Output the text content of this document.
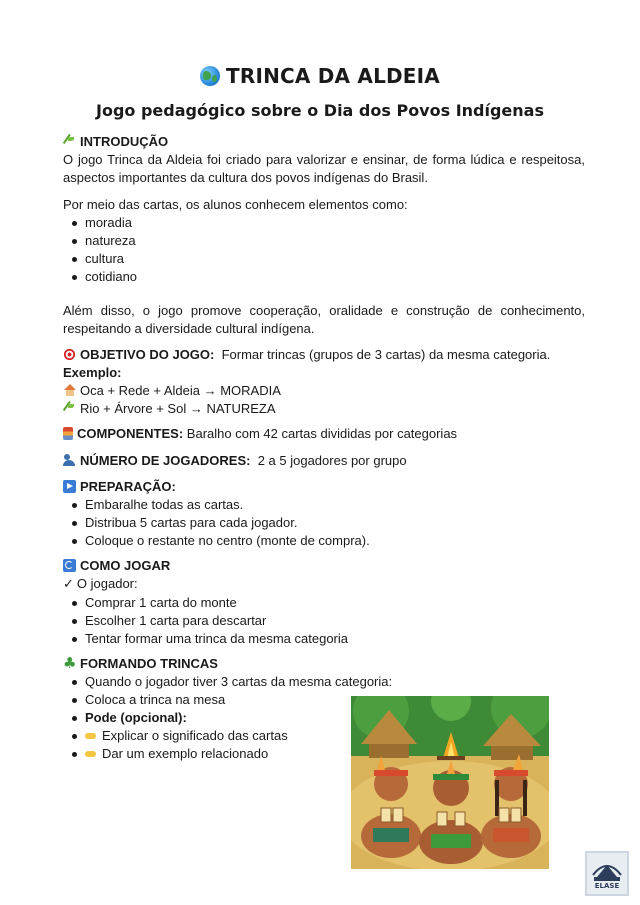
TRINCA DA ALDEIA
Jogo pedagógico sobre o Dia dos Povos Indígenas
INTRODUÇÃO
O jogo Trinca da Aldeia foi criado para valorizar e ensinar, de forma lúdica e respeitosa, aspectos importantes da cultura dos povos indígenas do Brasil.
Por meio das cartas, os alunos conhecem elementos como:
moradia
natureza
cultura
cotidiano
Além disso, o jogo promove cooperação, oralidade e construção de conhecimento, respeitando a diversidade cultural indígena.
OBJETIVO DO JOGO: Formar trincas (grupos de 3 cartas) da mesma categoria.
Exemplo:
Oca + Rede + Aldeia → MORADIA
Rio + Árvore + Sol → NATUREZA
COMPONENTES: Baralho com 42 cartas divididas por categorias
NÚMERO DE JOGADORES: 2 a 5 jogadores por grupo
PREPARAÇÃO:
Embaralhe todas as cartas.
Distribua 5 cartas para cada jogador.
Coloque o restante no centro (monte de compra).
COMO JOGAR
✓ O jogador:
Comprar 1 carta do monte
Escolher 1 carta para descartar
Tentar formar uma trinca da mesma categoria
♣FORMANDO TRINCAS
Quando o jogador tiver 3 cartas da mesma categoria:
Coloca a trinca na mesa
Pode (opcional):
Explicar o significado das cartas
Dar um exemplo relacionado
ELASE
